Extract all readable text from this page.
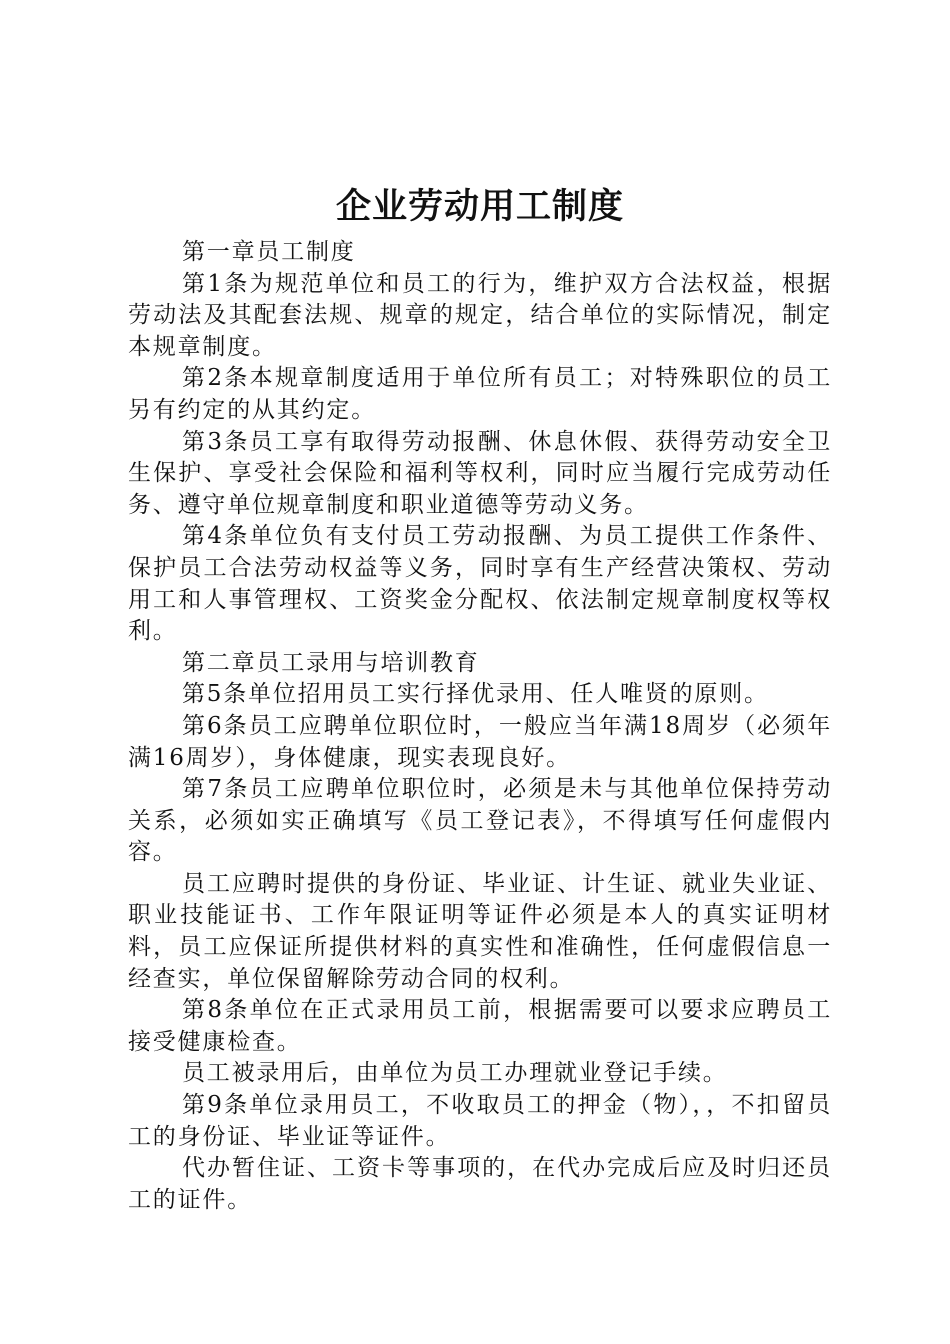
企业劳动用工制度

第一章员工制度

第1条为规范单位和员工的行为，维护双方合法权益，根据劳动法及其配套法规、规章的规定，结合单位的实际情况，制定本规章制度。

第2条本规章制度适用于单位所有员工；对特殊职位的员工另有约定的从其约定。

第3条员工享有取得劳动报酬、休息休假、获得劳动安全卫生保护、享受社会保险和福利等权利，同时应当履行完成劳动任务、遵守单位规章制度和职业道德等劳动义务。

第4条单位负有支付员工劳动报酬、为员工提供工作条件、保护员工合法劳动权益等义务，同时享有生产经营决策权、劳动用工和人事管理权、工资奖金分配权、依法制定规章制度权等权利。

第二章员工录用与培训教育

第5条单位招用员工实行择优录用、任人唯贤的原则。

第6条员工应聘单位职位时，一般应当年满18周岁（必须年满16周岁），身体健康，现实表现良好。

第7条员工应聘单位职位时，必须是未与其他单位保持劳动关系，必须如实正确填写《员工登记表》，不得填写任何虚假内容。

员工应聘时提供的身份证、毕业证、计生证、就业失业证、职业技能证书、工作年限证明等证件必须是本人的真实证明材料，员工应保证所提供材料的真实性和准确性，任何虚假信息一经查实，单位保留解除劳动合同的权利。

第8条单位在正式录用员工前，根据需要可以要求应聘员工接受健康检查。

员工被录用后，由单位为员工办理就业登记手续。

第9条单位录用员工，不收取员工的押金（物），，不扣留员工的身份证、毕业证等证件。

代办暂住证、工资卡等事项的，在代办完成后应及时归还员工的证件。
